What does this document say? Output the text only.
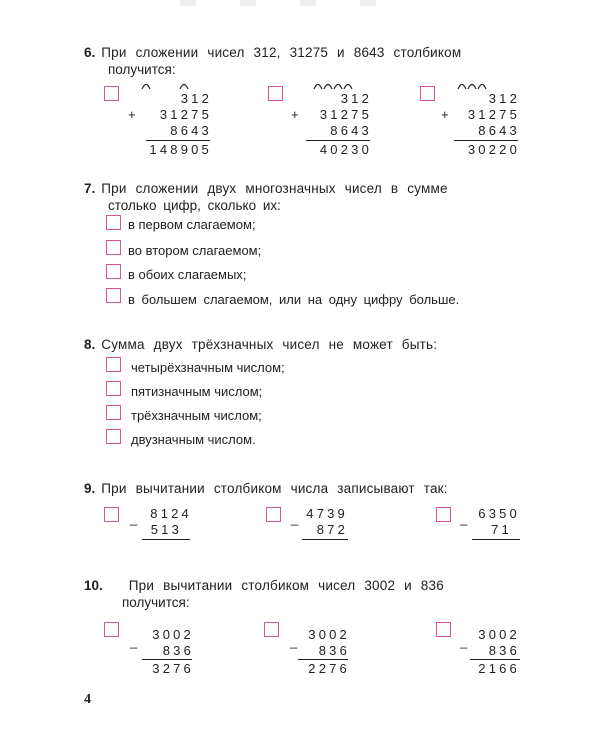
6. При сложении чисел 312, 31275 и 8643 столбиком
получится:
312
31275
8643
+
148905
312
31275
8643
+
40230
312
31275
8643
+
30220
7. При сложении двух многозначных чисел в сумме
столько цифр, сколько их:
в первом слагаемом;
во втором слагаемом;
в обоих слагаемых;
в большем слагаемом, или на одну цифру больше.
8. Сумма двух трёхзначных чисел не может быть:
четырёхзначным числом;
пятизначным числом;
трёхзначным числом;
двузначным числом.
9. При вычитании столбиком числа записывают так:
_	8124
513
_ 4739
872
_ 6350
71
10. При вычитании столбиком чисел 3002 и 836
получится:
_	3002
836
3276
_ 3002
836
2276
_ 3002
836
2166
4
